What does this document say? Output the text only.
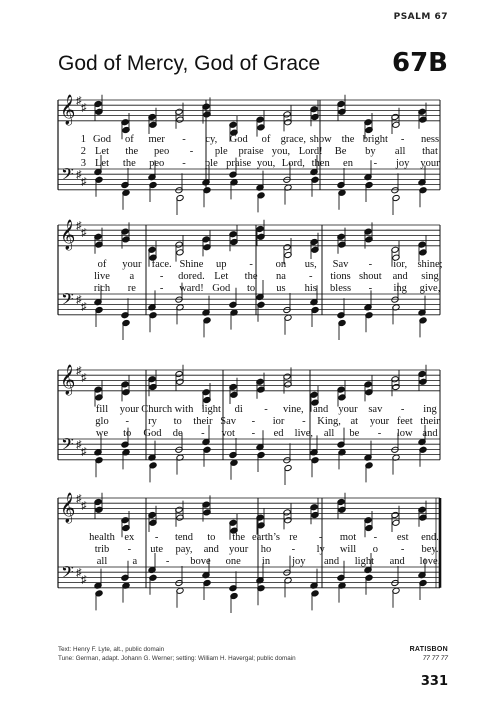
PSALM 67
God of Mercy, God of Grace	67B
𝄞
𝄢
♯
♯
♯
♯
1 God of mer - cy, God of grace, show the bright - ness
2 Let the peo - ple praise you, Lord! Be by all that
3 Let the peo - ple praise you, Lord, then en - joy your
𝄞
𝄢
♯
♯
♯
♯
of your face. Shine up - on us, Sav - ior, shine;
live a - dored. Let the na - tions shout and sing
rich re - ward! God to us his bless - ing give,
𝄞
𝄢
♯
♯
♯
♯
fill your Church with light di - vine, and your sav - ing
glo - ry to their Sav - ior - King, at your feet their
we to God de - vot - ed live, all be - low and
𝄞
𝄢
♯
♯
♯
♯
health ex - tend to the earth’s re - mot - est end.
trib - ute pay, and your ho - ly will o - bey.
all a	- bove one in joy and light and love.
Text: Henry F. Lyte, alt., public domain
Tune: German, adapt. Johann G. Werner; setting: William H. Havergal; public domain
RATISBON
77 77 77
331
